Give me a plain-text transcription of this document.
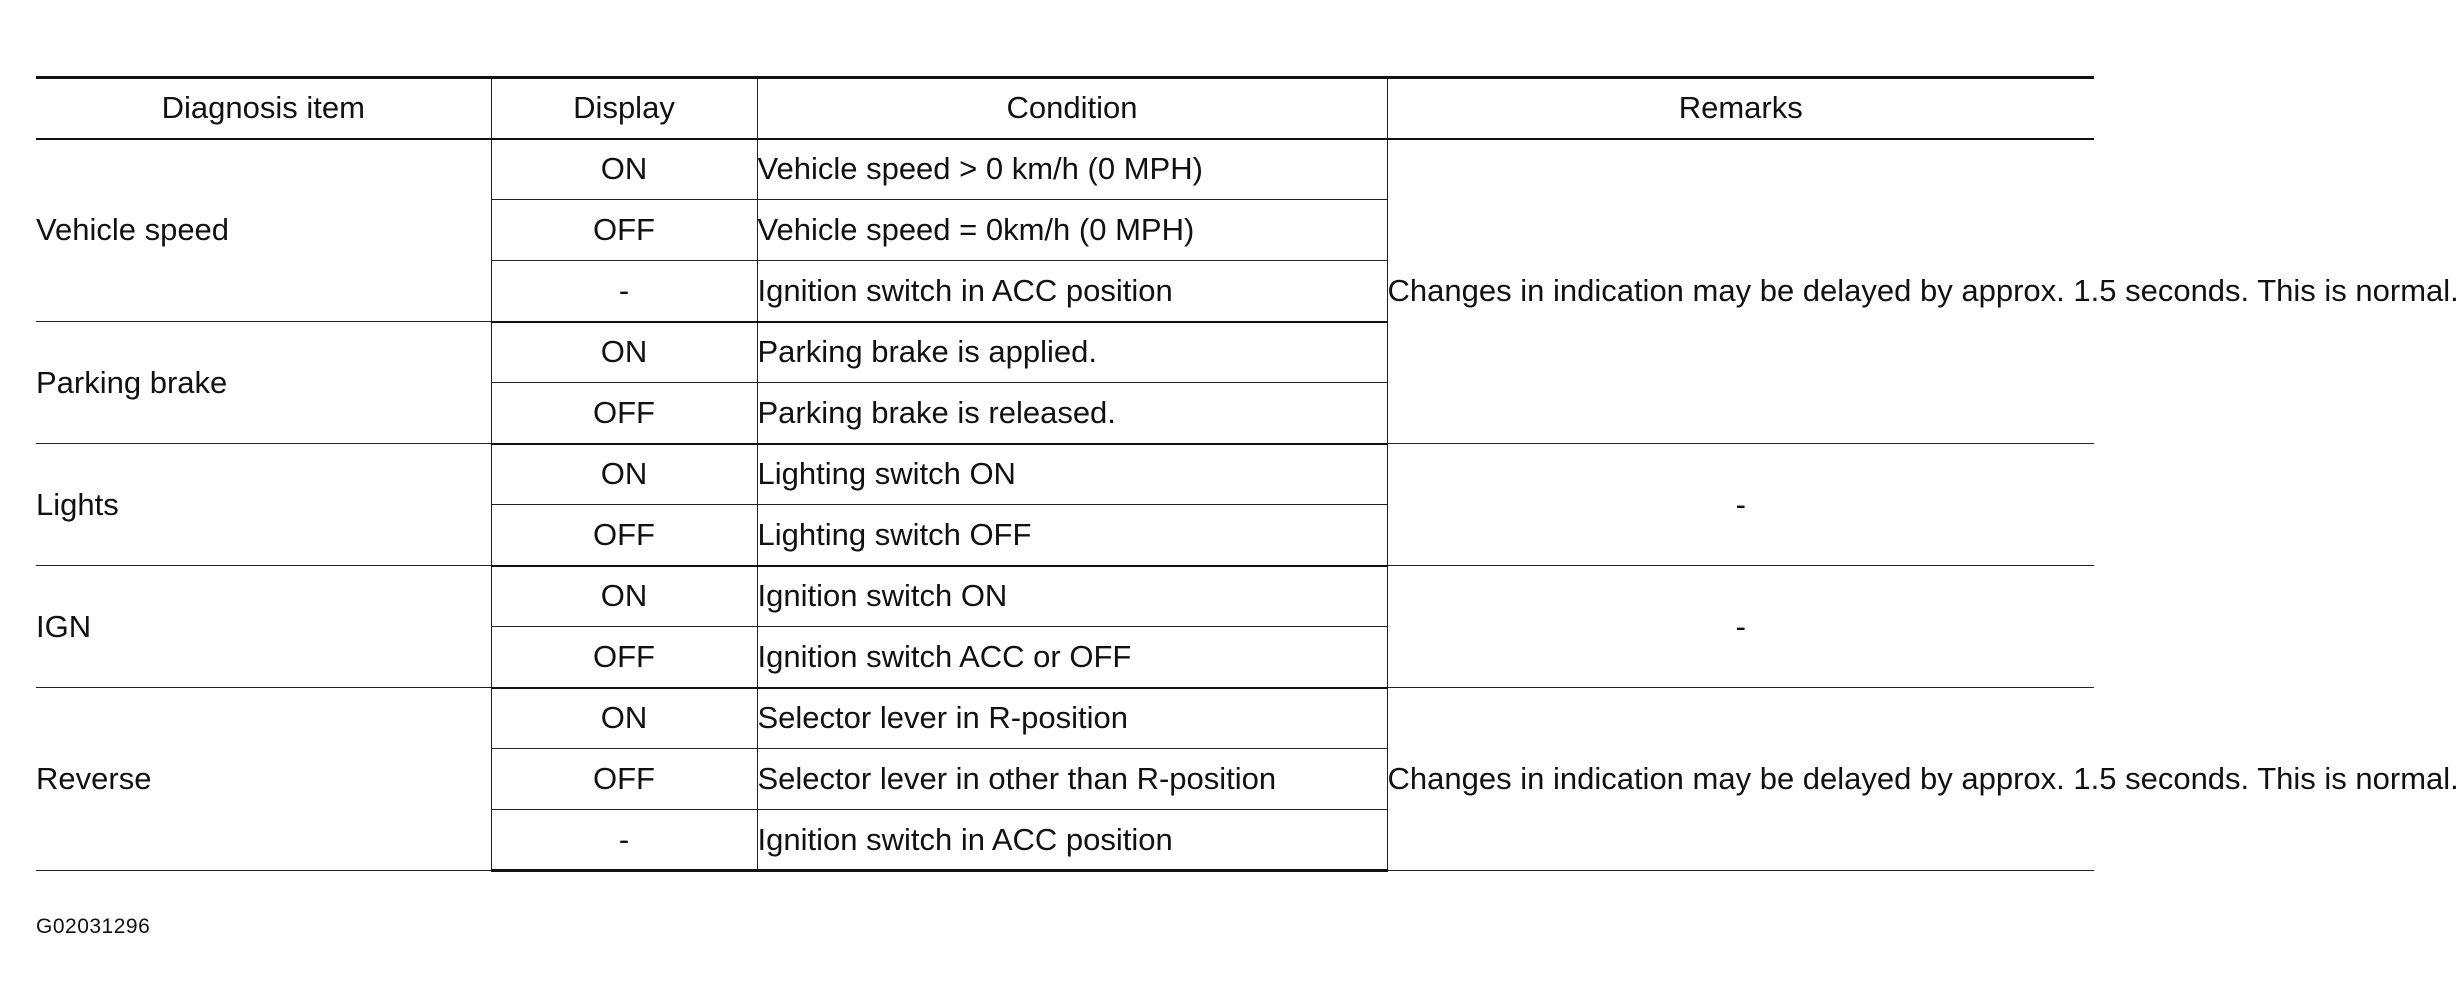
Diagnosis item	Display	Condition	Remarks
Vehicle speed	ON	Vehicle speed > 0 km/h (0 MPH)	Changes in indication may be delayed by approx. 1.5 seconds. This is normal.
	OFF	Vehicle speed = 0km/h (0 MPH)	
	-	Ignition switch in ACC position	
Parking brake	ON	Parking brake is applied.	
	OFF	Parking brake is released.	
Lights	ON	Lighting switch ON	-
	OFF	Lighting switch OFF	
IGN	ON	Ignition switch ON	-
	OFF	Ignition switch ACC or OFF	
Reverse	ON	Selector lever in R-position	Changes in indication may be delayed by approx. 1.5 seconds. This is normal.
	OFF	Selector lever in other than R-position	
	-	Ignition switch in ACC position	
G02031296
